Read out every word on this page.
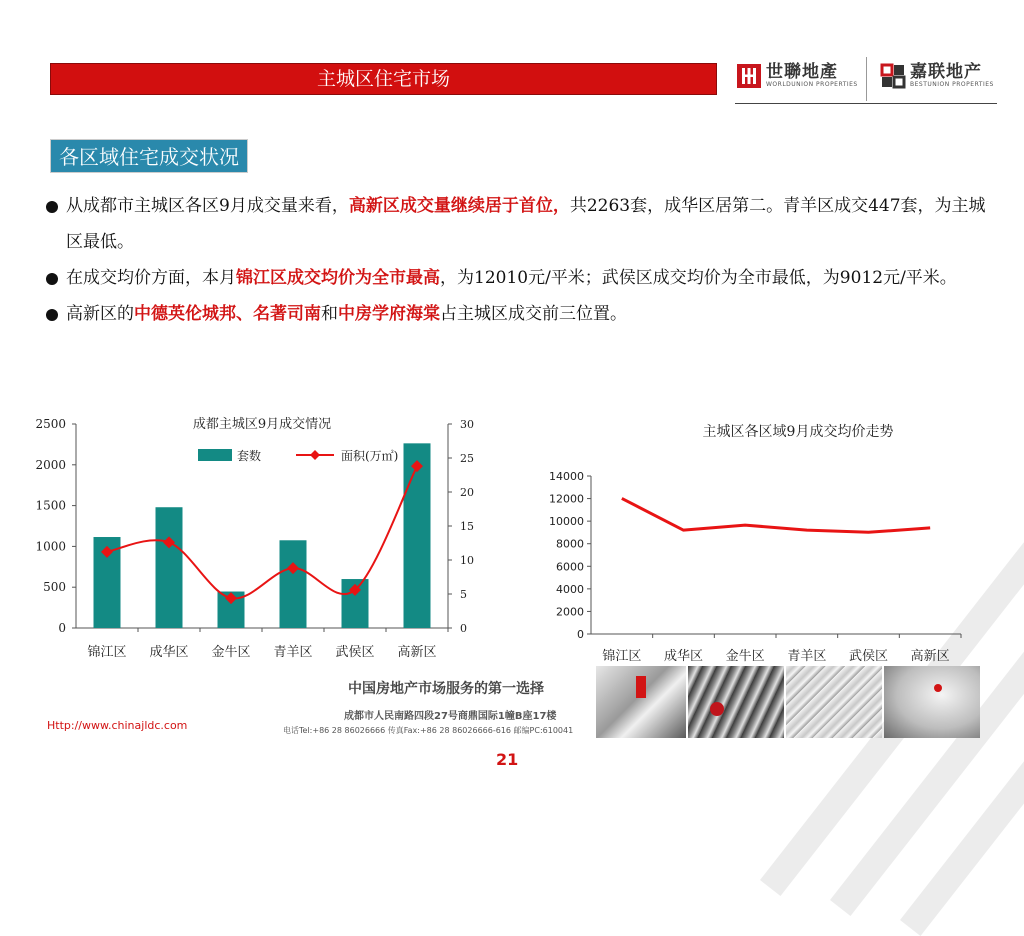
主城区住宅市场	世聯地產
WORLDUNION PROPERTIES
嘉联地产
BESTUNION PROPERTIES
各区域住宅成交状况
从成都市主城区各区9月成交量来看，高新区成交量继续居于首位，共2263套，成华区居第二。青羊区成交447套，为主城区最低。
在成交均价方面，本月锦江区成交均价为全市最高，为12010元/平米；武侯区成交均价为全市最低，为9012元/平米。
高新区的中德英伦城邦、名著司南和中房学府海棠占主城区成交前三位置。
成都主城区9月成交情况
2500
2000
1500
1000
500
0
30
25
20
15
10
5
0
锦江区 成华区 金牛区 青羊区 武侯区 高新区
套数	面积(万㎡)
主城区各区域9月成交均价走势
14000
12000
10000
8000
6000
4000
2000
0
锦江区 成华区 金牛区 青羊区 武侯区 高新区
中国房地产市场服务的第一选择
成都市人民南路四段27号商鼎国际1幢B座17楼
电话Tel:+86 28 86026666 传真Fax:+86 28 86026666-616 邮编PC:610041
Http://www.chinajldc.com
21
